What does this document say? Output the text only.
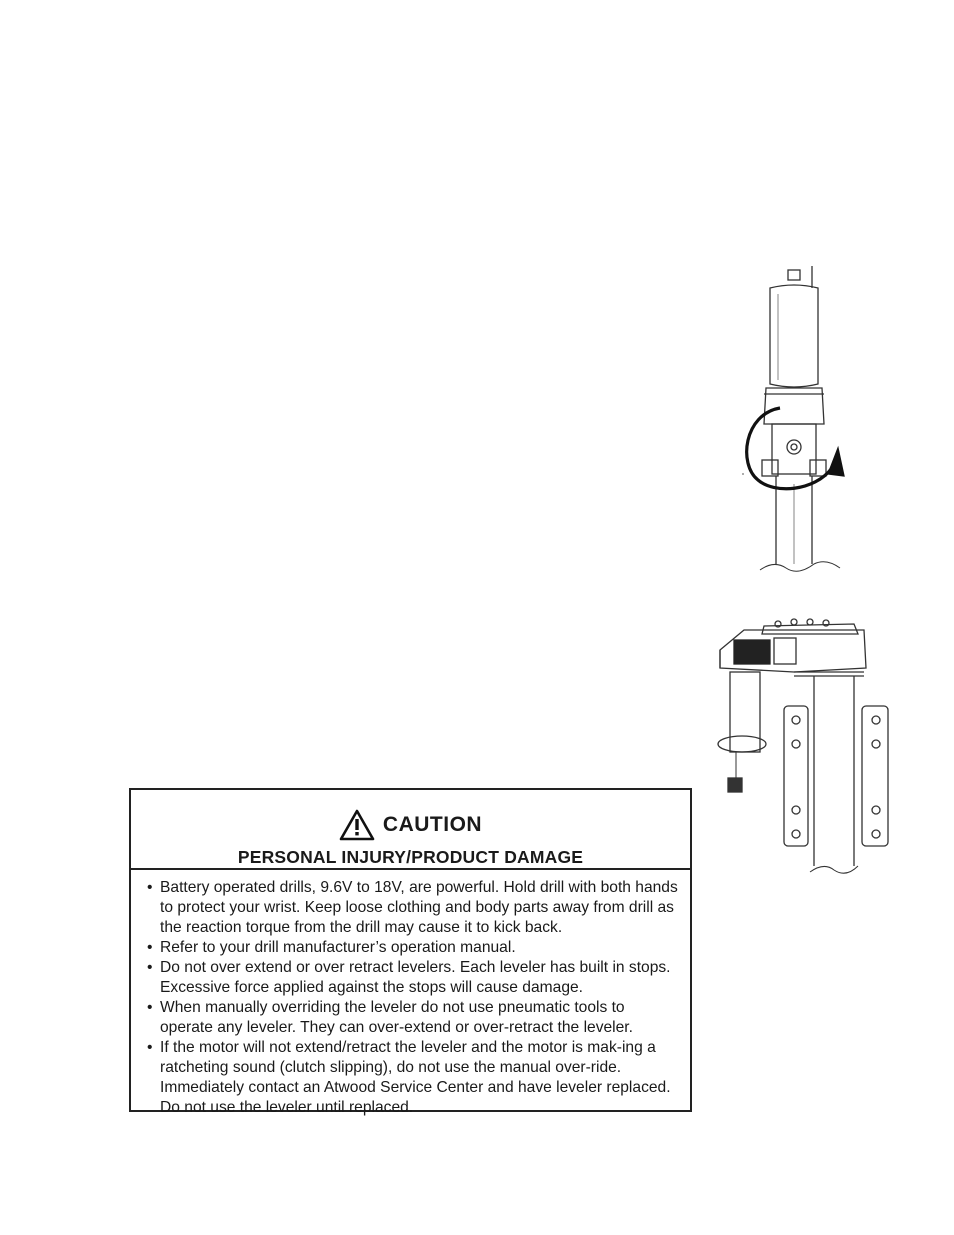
CAUTION
PERSONAL INJURY/PRODUCT DAMAGE
• Battery operated drills, 9.6V to 18V, are powerful. Hold drill with both hands to protect your wrist. Keep loose clothing and body parts away from drill as the reaction torque from the drill may cause it to kick back.
• Refer to your drill manufacturer’s operation manual.
• Do not over extend or over retract levelers. Each leveler has built in stops. Excessive force applied against the stops will cause damage.
• When manually overriding the leveler do not use pneumatic tools to operate any leveler. They can over-extend or over-retract the leveler.
• If the motor will not extend/retract the leveler and the motor is mak-ing a ratcheting sound (clutch slipping), do not use the manual over-ride. Immediately contact an Atwood Service Center and have leveler replaced. Do not use the leveler until replaced.
